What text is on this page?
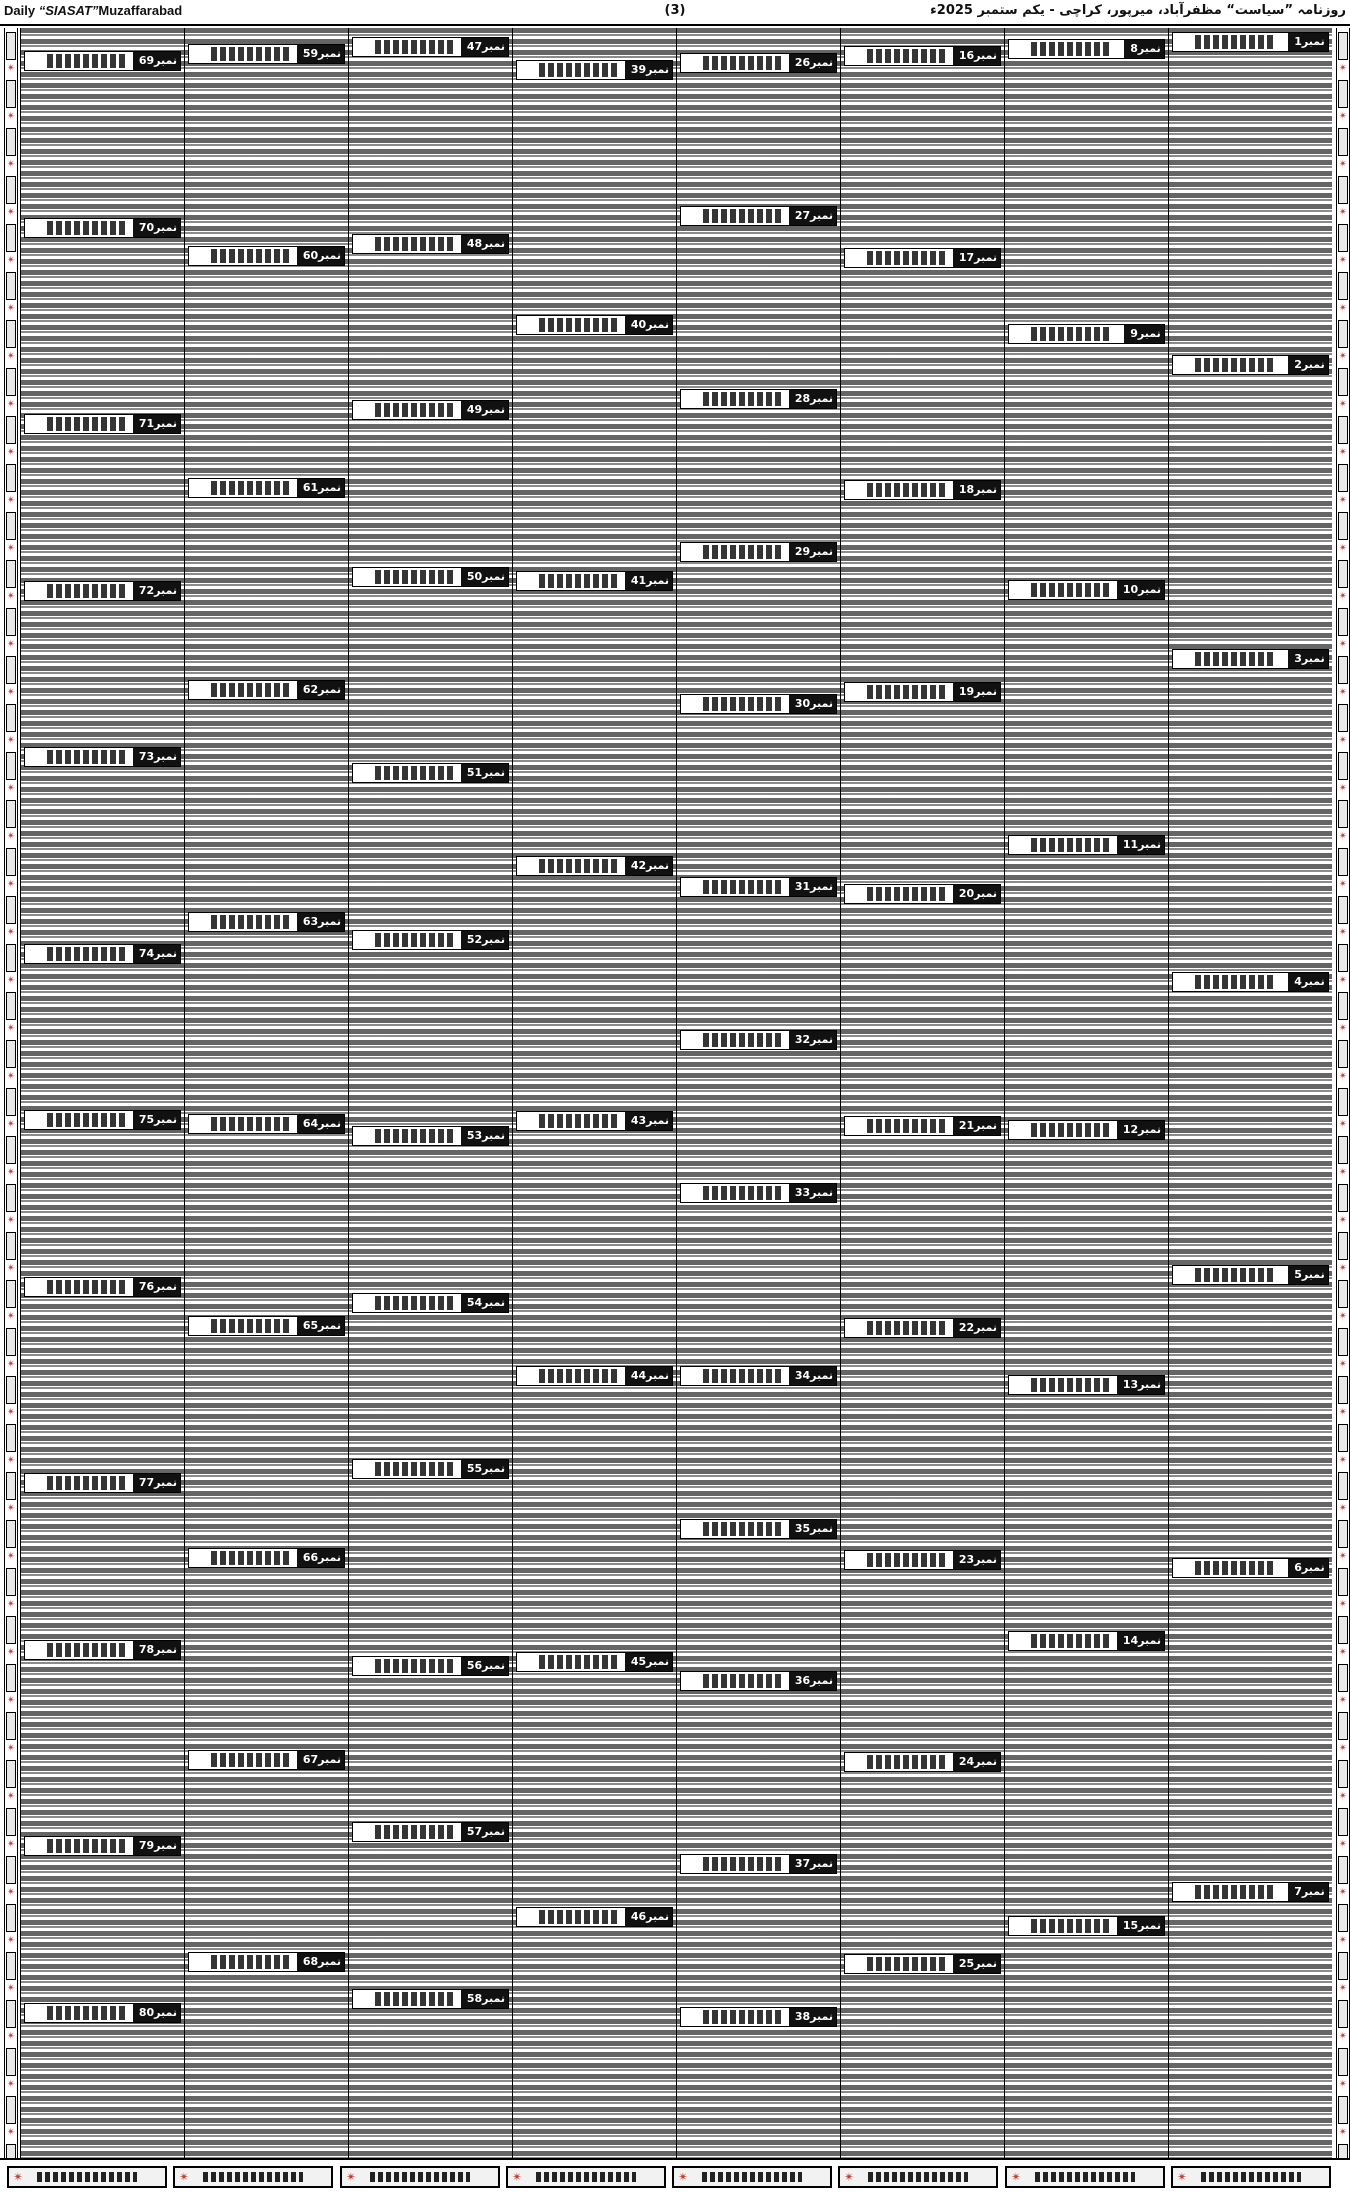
Daily “SIASAT”Muzaffarabad	(3)	روزنامہ ”سیاست“ مظفرآباد، میرپور، کراچی - یکم ستمبر 2025ء
✴
✴
✴
✴
✴
✴
✴
✴
✴
✴
✴
✴
✴
✴
✴
✴
✴
✴
✴
✴
✴
✴
✴
✴
✴
✴
✴
✴
✴
✴
✴
✴
✴
✴
✴
✴
✴
✴
✴
✴
✴
✴
✴
✴
✴
✴
✴
✴
✴
✴
✴
✴
✴
✴
✴
✴
✴
✴
✴
✴
✴
✴
✴
✴
✴
✴
✴
✴
✴
✴
✴
✴
✴
✴
✴
✴
✴
✴
✴
✴
✴
✴
✴
✴
✴
✴
✴
✴
1‏نمبر
2‏نمبر
3‏نمبر
4‏نمبر
5‏نمبر
6‏نمبر
7‏نمبر
8‏نمبر
9‏نمبر
10‏نمبر
11‏نمبر
12‏نمبر
13‏نمبر
14‏نمبر
15‏نمبر
16‏نمبر
17‏نمبر
18‏نمبر
19‏نمبر
20‏نمبر
21‏نمبر
22‏نمبر
23‏نمبر
24‏نمبر
25‏نمبر
26‏نمبر
27‏نمبر
28‏نمبر
29‏نمبر
30‏نمبر
31‏نمبر
32‏نمبر
33‏نمبر
34‏نمبر
35‏نمبر
36‏نمبر
37‏نمبر
38‏نمبر
39‏نمبر
40‏نمبر
41‏نمبر
42‏نمبر
43‏نمبر
44‏نمبر
45‏نمبر
46‏نمبر
47‏نمبر
48‏نمبر
49‏نمبر
50‏نمبر
51‏نمبر
52‏نمبر
53‏نمبر
54‏نمبر
55‏نمبر
56‏نمبر
57‏نمبر
58‏نمبر
59‏نمبر
60‏نمبر
61‏نمبر
62‏نمبر
63‏نمبر
64‏نمبر
65‏نمبر
66‏نمبر
67‏نمبر
68‏نمبر
69‏نمبر
70‏نمبر
71‏نمبر
72‏نمبر
73‏نمبر
74‏نمبر
75‏نمبر
76‏نمبر
77‏نمبر
78‏نمبر
79‏نمبر
80‏نمبر
✴	✴	✴	✴	✴	✴	✴	✴
